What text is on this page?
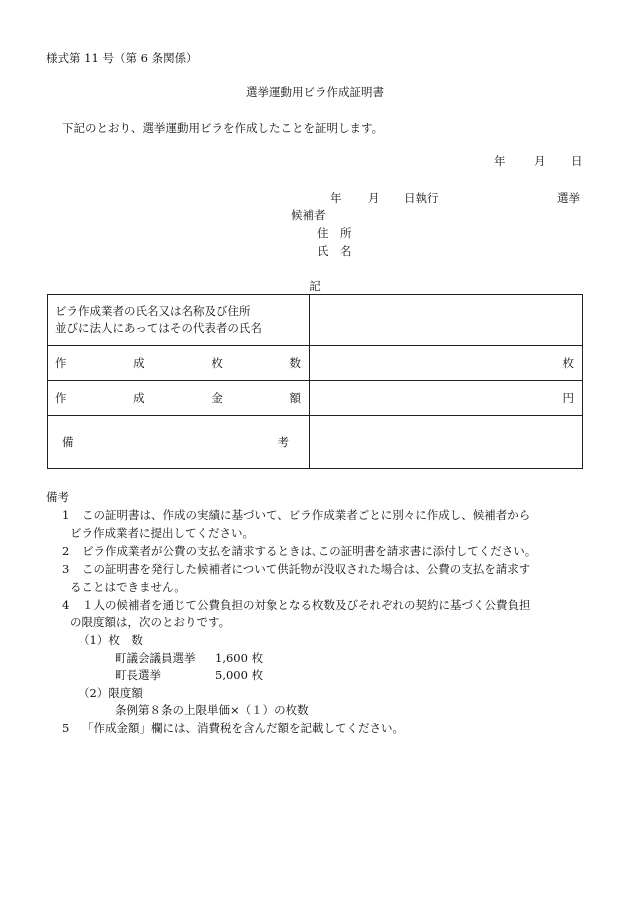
様式第 11 号（第 6 条関係）
選挙運動用ビラ作成証明書
下記のとおり、選挙運動用ビラを作成したことを証明します。
年 月 日
年 月 日執行	選挙
候補者
住　所
氏　名
記
ビラ作成業者の氏名又は名称及び住所
並びに法人にあってはその代表者の氏名	

作 成 枚 数	枚

作 成 金 額	円

備 考	

備考
1 この証明書は、作成の実績に基づいて、ビラ作成業者ごとに別々に作成し、候補者から
ビラ作成業者に提出してください。
2 ビラ作成業者が公費の支払を請求するときは､この証明書を請求書に添付してください。
3 この証明書を発行した候補者について供託物が没収された場合は、公費の支払を請求す
ることはできません。
4 １人の候補者を通じて公費負担の対象となる枚数及びそれぞれの契約に基づく公費負担
の限度額は，次のとおりです。
（1）枚　数
町議会議員選挙 1,600 枚
町長選挙	5,000 枚
（2）限度額
条例第８条の上限単価×（１）の枚数
5 「作成金額」欄には、消費税を含んだ額を記載してください。
